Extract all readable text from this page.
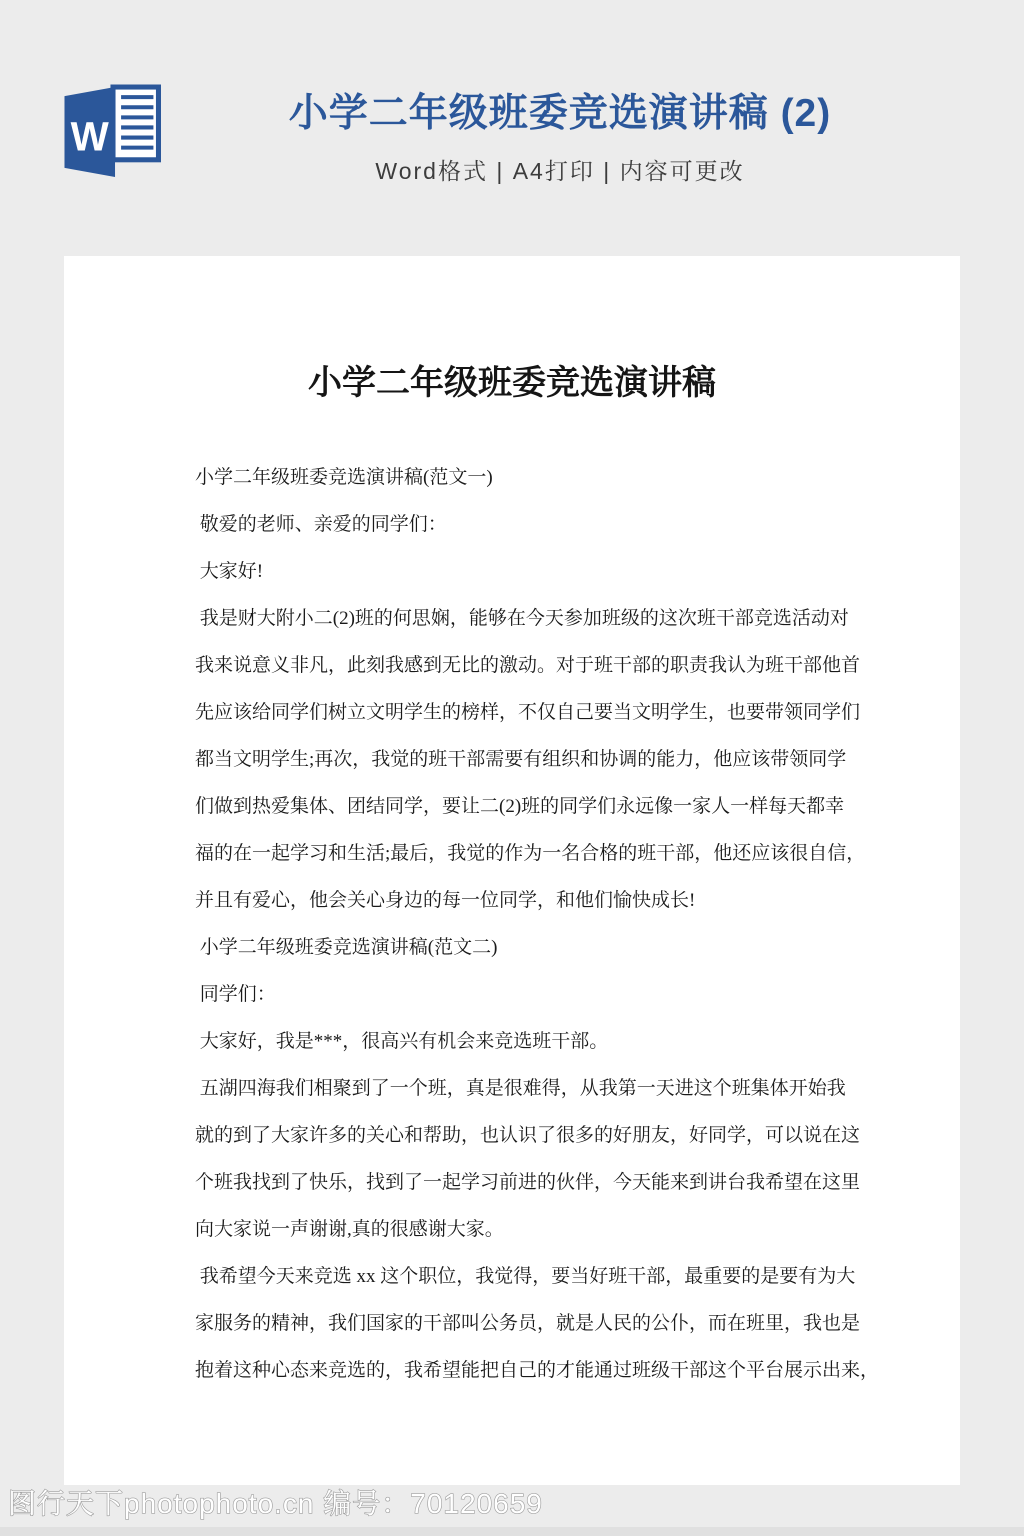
W
小学二年级班委竞选演讲稿 (2)
Word格式 | A4打印 | 内容可更改
小学二年级班委竞选演讲稿
小学二年级班委竞选演讲稿(范文一)
敬爱的老师、亲爱的同学们：
大家好!
我是财大附小二(2)班的何思娴，能够在今天参加班级的这次班干部竞选活动对
我来说意义非凡，此刻我感到无比的激动。对于班干部的职责我认为班干部他首
先应该给同学们树立文明学生的榜样，不仅自己要当文明学生，也要带领同学们
都当文明学生;再次，我觉的班干部需要有组织和协调的能力，他应该带领同学
们做到热爱集体、团结同学，要让二(2)班的同学们永远像一家人一样每天都幸
福的在一起学习和生活;最后，我觉的作为一名合格的班干部，他还应该很自信，
并且有爱心，他会关心身边的每一位同学，和他们愉快成长!
小学二年级班委竞选演讲稿(范文二)
同学们：
大家好，我是***，很高兴有机会来竞选班干部。
五湖四海我们相聚到了一个班，真是很难得，从我第一天进这个班集体开始我
就的到了大家许多的关心和帮助，也认识了很多的好朋友，好同学，可以说在这
个班我找到了快乐，找到了一起学习前进的伙伴，今天能来到讲台我希望在这里
向大家说一声谢谢,真的很感谢大家。
我希望今天来竞选 xx 这个职位，我觉得，要当好班干部，最重要的是要有为大
家服务的精神，我们国家的干部叫公务员，就是人民的公仆，而在班里，我也是
抱着这种心态来竞选的，我希望能把自己的才能通过班级干部这个平台展示出来，
图行天下photophoto.cn 编号：70120659
